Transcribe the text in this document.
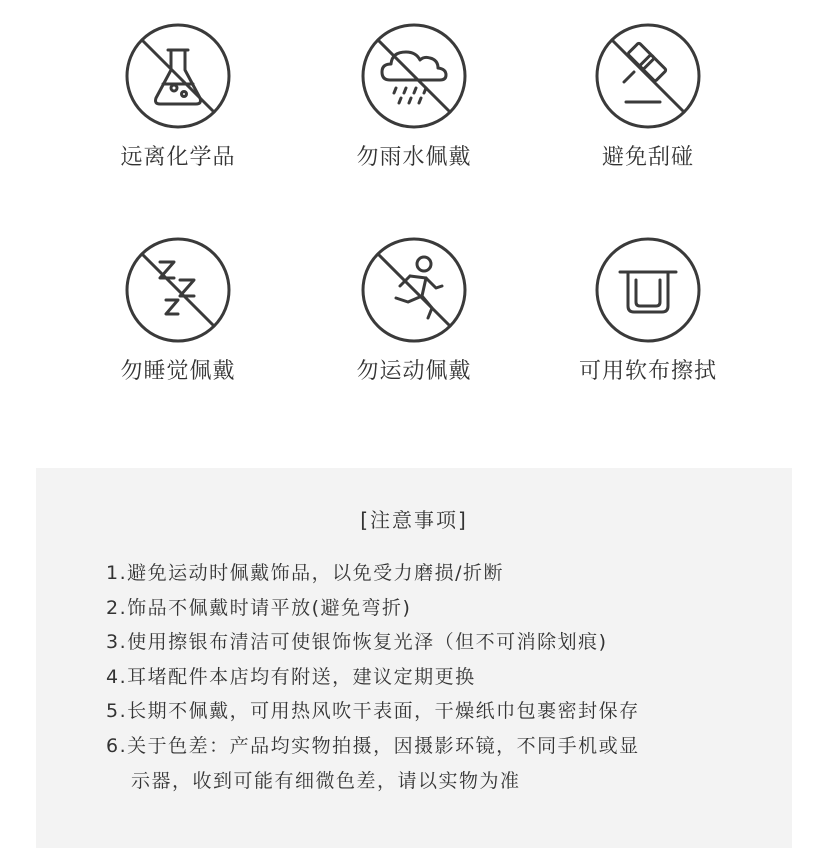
远离化学品	勿雨水佩戴	避免刮碰
勿睡觉佩戴	勿运动佩戴	可用软布擦拭
[注意事项]
1.避免运动时佩戴饰品，以免受力磨损/折断
2.饰品不佩戴时请平放(避免弯折)
3.使用擦银布清洁可使银饰恢复光泽（但不可消除划痕)
4.耳堵配件本店均有附送，建议定期更换
5.长期不佩戴，可用热风吹干表面，干燥纸巾包裹密封保存
6.关于色差：产品均实物拍摄，因摄影环镜，不同手机或显
示器，收到可能有细微色差，请以实物为准
